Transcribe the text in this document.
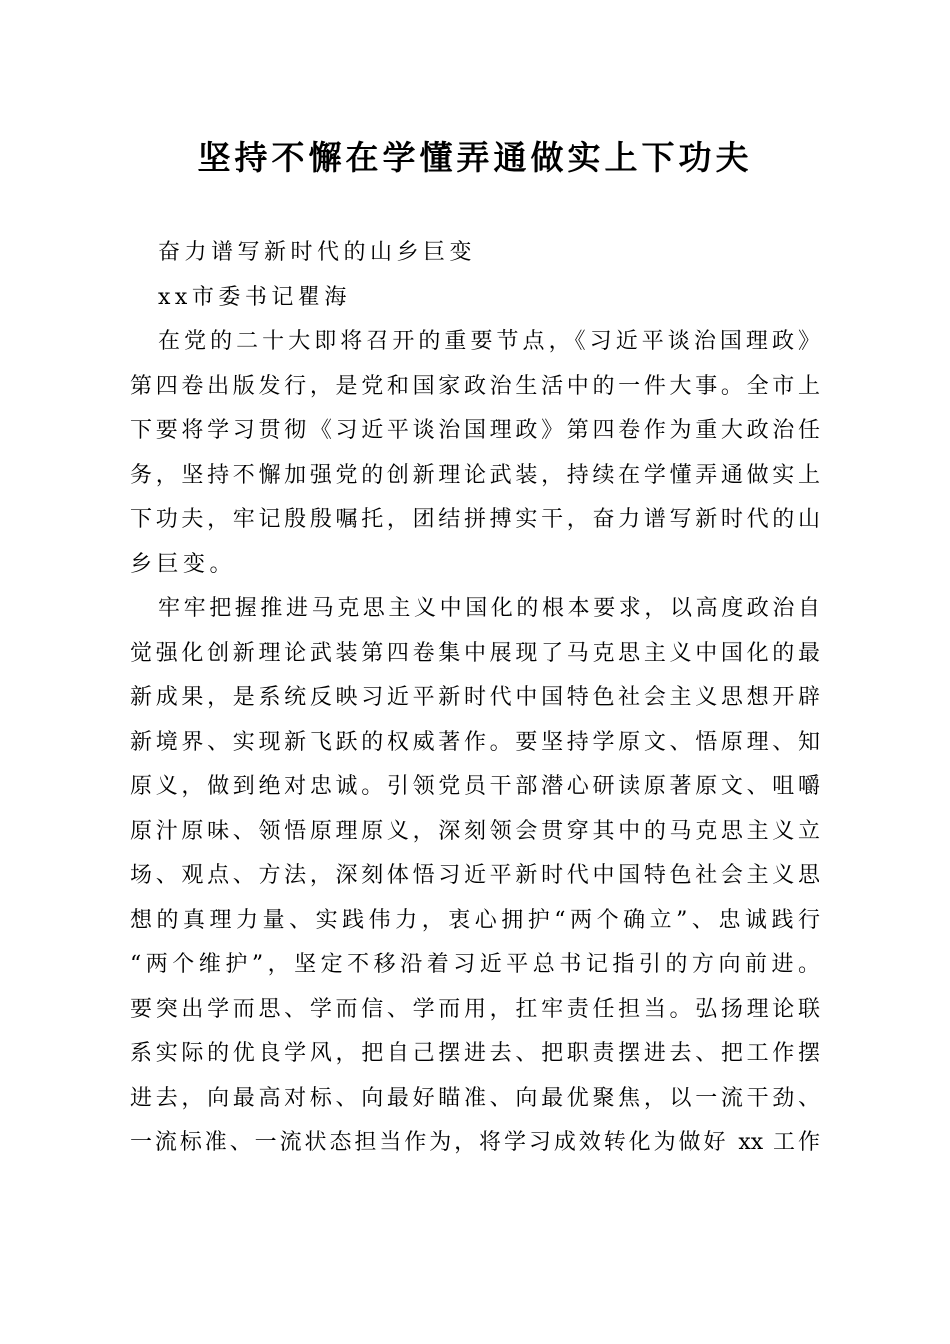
坚持不懈在学懂弄通做实上下功夫
奋力谱写新时代的山乡巨变
xx市委书记瞿海
在党的二十大即将召开的重要节点，《习近平谈治国理政》
第四卷出版发行，是党和国家政治生活中的一件大事。全市上
下要将学习贯彻《习近平谈治国理政》第四卷作为重大政治任
务，坚持不懈加强党的创新理论武装，持续在学懂弄通做实上
下功夫，牢记殷殷嘱托，团结拼搏实干，奋力谱写新时代的山
乡巨变。
牢牢把握推进马克思主义中国化的根本要求，以高度政治自
觉强化创新理论武装第四卷集中展现了马克思主义中国化的最
新成果，是系统反映习近平新时代中国特色社会主义思想开辟
新境界、实现新飞跃的权威著作。要坚持学原文、悟原理、知
原义，做到绝对忠诚。引领党员干部潜心研读原著原文、咀嚼
原汁原味、领悟原理原义，深刻领会贯穿其中的马克思主义立
场、观点、方法，深刻体悟习近平新时代中国特色社会主义思
想的真理力量、实践伟力，衷心拥护“两个确立”、忠诚践行
“两个维护”，坚定不移沿着习近平总书记指引的方向前进。
要突出学而思、学而信、学而用，扛牢责任担当。弘扬理论联
系实际的优良学风，把自己摆进去、把职责摆进去、把工作摆
进去，向最高对标、向最好瞄准、向最优聚焦，以一流干劲、
一流标准、一流状态担当作为，将学习成效转化为做好 xx 工作
